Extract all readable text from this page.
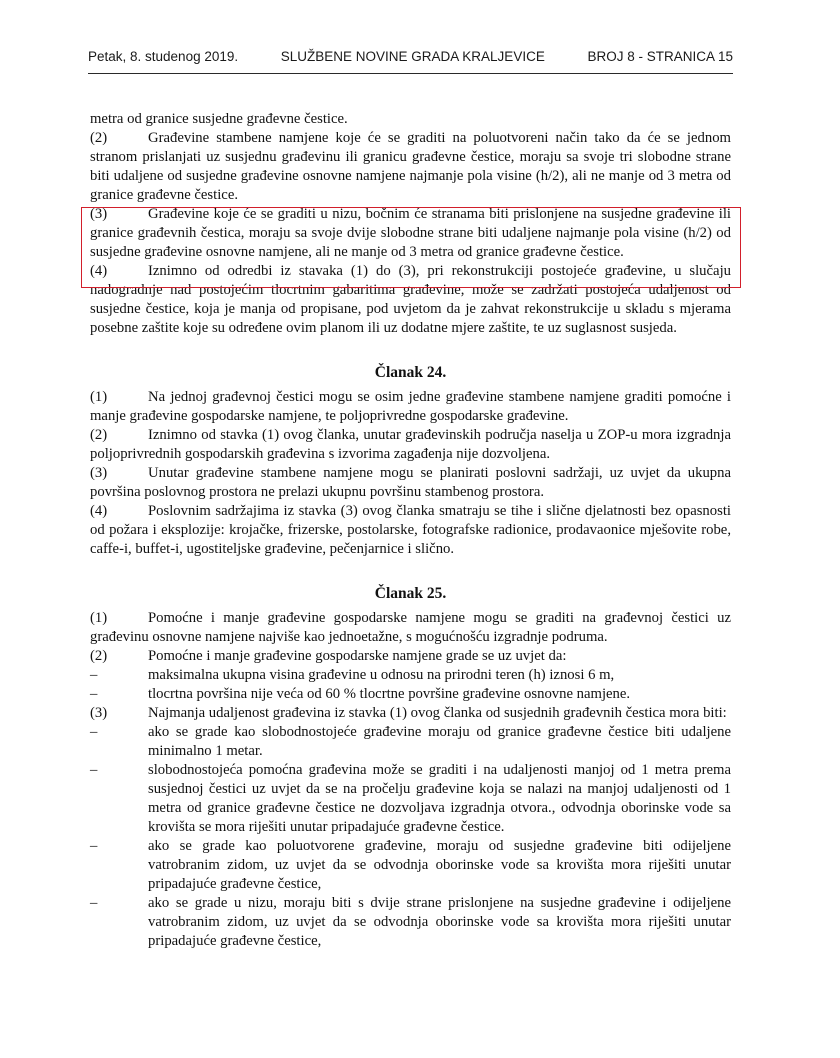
Petak, 8. studenog 2019.	SLUŽBENE NOVINE GRADA KRALJEVICE	BROJ 8 - STRANICA 15

metra od granice susjedne građevne čestice.

(2)	Građevine stambene namjene koje će se graditi na poluotvoreni način tako da će se jednom stranom prislanjati uz susjednu građevinu ili granicu građevne čestice, moraju sa svoje tri slobodne strane biti udaljene od susjedne građevine osnovne namjene najmanje pola visine (h/2), ali ne manje od 3 metra od granice građevne čestice.

(3)	Građevine koje će se graditi u nizu, bočnim će stranama biti prislonjene na susjedne građevine ili granice građevnih čestica, moraju sa svoje dvije slobodne strane biti udaljene najmanje pola visine (h/2) od susjedne građevine osnovne namjene, ali ne manje od 3 metra od granice građevne čestice.

(4)	Iznimno od odredbi iz stavaka (1) do (3), pri rekonstrukciji postojeće građevine, u slučaju nadogradnje nad postojećim tlocrtnim gabaritima građevine, može se zadržati postojeća udaljenost od susjedne čestice, koja je manja od propisane, pod uvjetom da je zahvat rekonstrukcije u skladu s mjerama posebne zaštite koje su određene ovim planom ili uz dodatne mjere zaštite, te uz suglasnost susjeda.

Članak 24.

(1)	Na jednoj građevnoj čestici mogu se osim jedne građevine stambene namjene graditi pomoćne i manje građevine gospodarske namjene, te poljoprivredne gospodarske građevine.

(2)	Iznimno od stavka (1) ovog članka, unutar građevinskih područja naselja u ZOP-u mora izgradnja poljoprivrednih gospodarskih građevina s izvorima zagađenja nije dozvoljena.

(3)	Unutar građevine stambene namjene mogu se planirati poslovni sadržaji, uz uvjet da ukupna površina poslovnog prostora ne prelazi ukupnu površinu stambenog prostora.

(4)	Poslovnim sadržajima iz stavka (3) ovog članka smatraju se tihe i slične djelatnosti bez opasnosti od požara i eksplozije: krojačke, frizerske, postolarske, fotografske radionice, prodavaonice mješovite robe, caffe-i, buffet-i, ugostiteljske građevine, pečenjarnice i slično.

Članak 25.

(1)	Pomoćne i manje građevine gospodarske namjene mogu se graditi na građevnoj čestici uz građevinu osnovne namjene najviše kao jednoetažne, s mogućnošću izgradnje podruma.

(2)	Pomoćne i manje građevine gospodarske namjene grade se uz uvjet da:

–	maksimalna ukupna visina građevine u odnosu na prirodni teren (h) iznosi 6 m,
–	tlocrtna površina nije veća od 60 % tlocrtne površine građevine osnovne namjene.

(3)	Najmanja udaljenost građevina iz stavka (1) ovog članka od susjednih građevnih čestica mora biti:

–	ako se grade kao slobodnostojeće građevine moraju od granice građevne čestice biti udaljene minimalno 1 metar.
–	slobodnostojeća pomoćna građevina može se graditi i na udaljenosti manjoj od 1 metra prema susjednoj čestici uz uvjet da se na pročelju građevine koja se nalazi na manjoj udaljenosti od 1 metra od granice građevne čestice ne dozvoljava izgradnja otvora., odvodnja oborinske vode sa krovišta se mora riješiti unutar pripadajuće građevne čestice.
–	ako se grade kao poluotvorene građevine, moraju od susjedne građevine biti odijeljene vatrobranim zidom, uz uvjet da se odvodnja oborinske vode sa krovišta mora riješiti unutar pripadajuće građevne čestice,
–	ako se grade u nizu, moraju biti s dvije strane prislonjene na susjedne građevine i odijeljene vatrobranim zidom, uz uvjet da se odvodnja oborinske vode sa krovišta mora riješiti unutar pripadajuće građevne čestice,
